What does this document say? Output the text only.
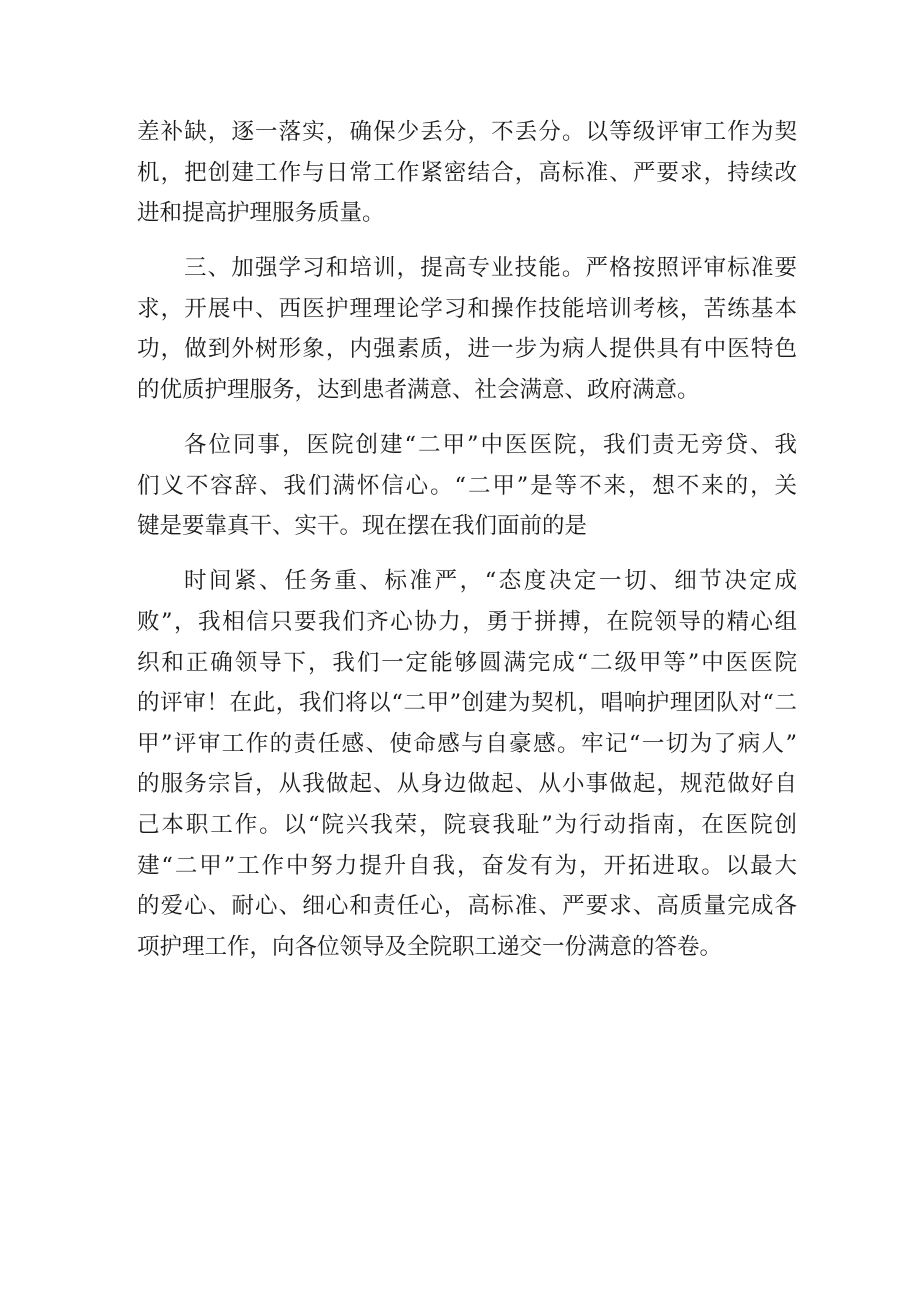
差补缺，逐一落实，确保少丢分，不丢分。以等级评审工作为契

机，把创建工作与日常工作紧密结合，高标准、严要求，持续改

进和提高护理服务质量。

三、加强学习和培训，提高专业技能。严格按照评审标准要

求，开展中、西医护理理论学习和操作技能培训考核，苦练基本

功，做到外树形象，内强素质，进一步为病人提供具有中医特色

的优质护理服务，达到患者满意、社会满意、政府满意。

各位同事，医院创建“二甲”中医医院，我们责无旁贷、我

们义不容辞、我们满怀信心。“二甲”是等不来，想不来的，关

键是要靠真干、实干。现在摆在我们面前的是

时间紧、任务重、标准严，“态度决定一切、细节决定成

败”，我相信只要我们齐心协力，勇于拼搏，在院领导的精心组

织和正确领导下，我们一定能够圆满完成“二级甲等”中医医院

的评审！在此，我们将以“二甲”创建为契机，唱响护理团队对“二

甲”评审工作的责任感、使命感与自豪感。牢记“一切为了病人”

的服务宗旨，从我做起、从身边做起、从小事做起，规范做好自

己本职工作。以“院兴我荣，院衰我耻”为行动指南，在医院创

建“二甲”工作中努力提升自我，奋发有为，开拓进取。以最大

的爱心、耐心、细心和责任心，高标准、严要求、高质量完成各

项护理工作，向各位领导及全院职工递交一份满意的答卷。
